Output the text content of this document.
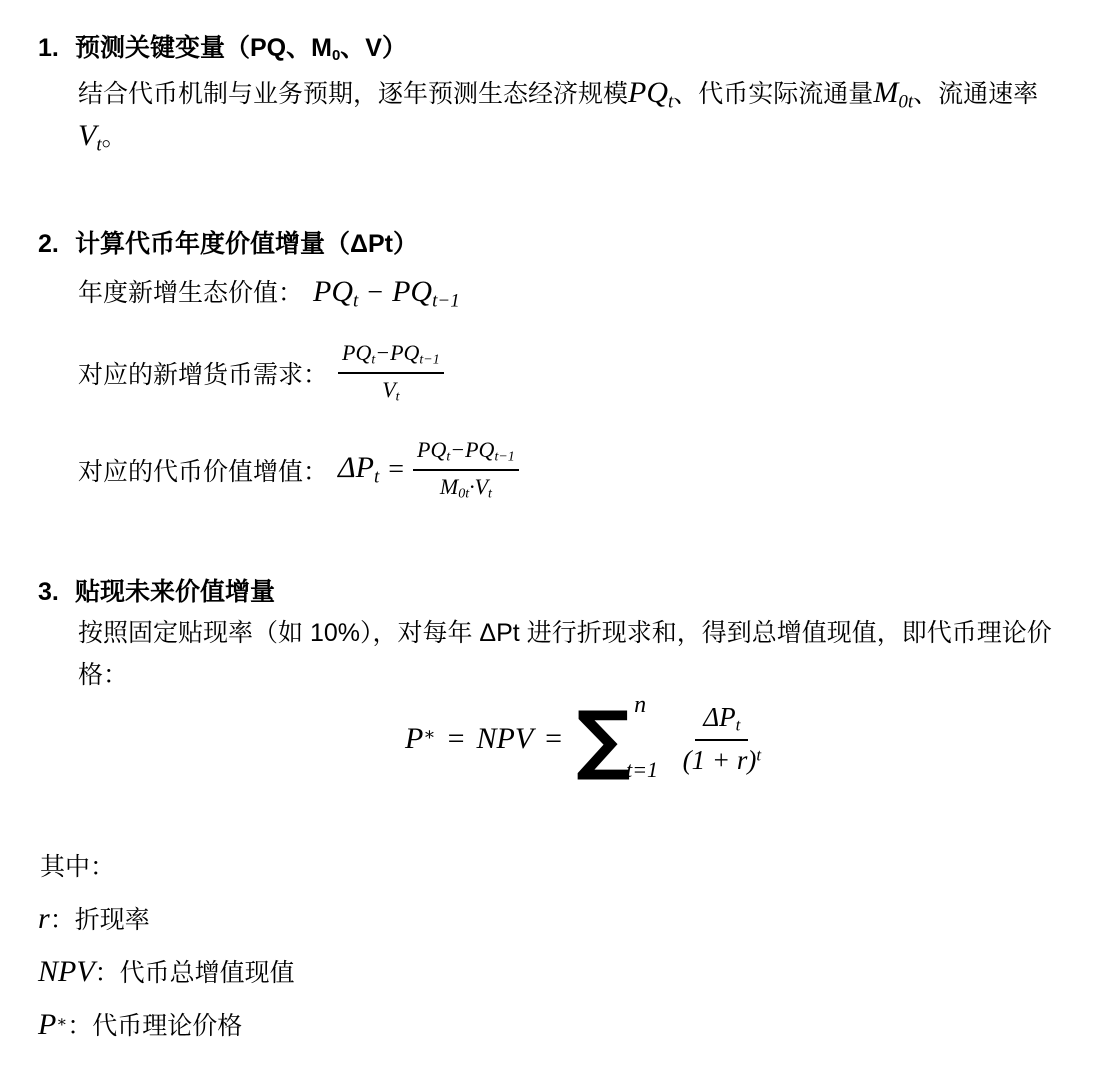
1. 预测关键变量（PQ、$M_0$、V）
结合代币机制与业务预期，逐年预测生态经济规模$PQ_t$、代币实际流通量$M_{0t}$、流通速率
$V_t$。
2. 计算代币年度价值增量（ΔPt）
年度新增生态价值： $PQ_t - PQ_{t-1}$
对应的新增货币需求： $\frac{PQ_t-PQ_{t-1}}{V_t}$
对应的代币价值增值： $\Delta P_t = \frac{PQ_t-PQ_{t-1}}{M_{0t}\cdot V_t}$
3. 贴现未来价值增量
按照固定贴现率（如 10%），对每年 ΔPt 进行折现求和，得到总增值现值，即代币理论价
格：
P∗ = NPV = ∑ n
$t=1 \frac{\Delta P_t}{(1 + r)^t}$
其中：
r：折现率
NPV：代币总增值现值
P∗：代币理论价格
